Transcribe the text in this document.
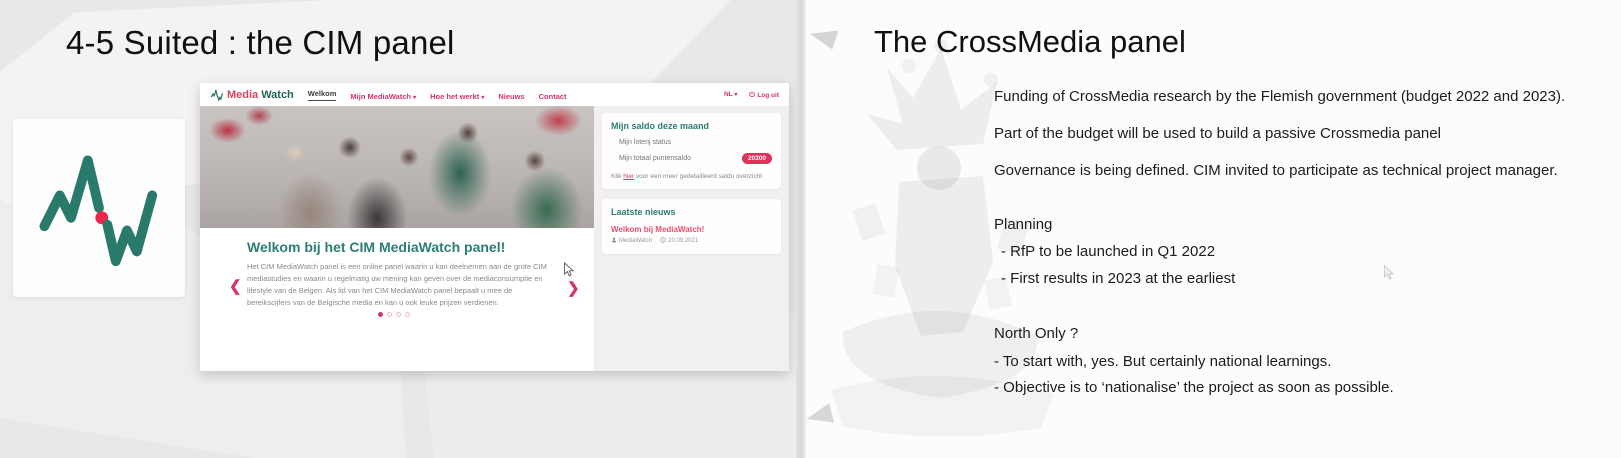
4-5 Suited : the CIM panel
Media Watch Welkom Mijn MediaWatch ▾ Hoe het werkt ▾ Nieuws Contact	NL ▾	Log uit
Welkom bij het CIM MediaWatch panel!
Het CIM MediaWatch panel is een online panel waarin u kan deelnemen aan de grote CIM mediastudies en waarin u regelmatig uw mening kan geven over de mediaconsumptie en lifestyle van de Belgen. Als lid van het CIM MediaWatch panel bepaalt u mee de bereikscijfers van de Belgische media en kan u ook leuke prijzen verdienen.
Mijn saldo deze maand
Mijn loterij status
Mijn totaal puntensaldo	20300
Klik hier voor een meer gedetailleerd saldo overzicht
Laatste nieuws
Welkom bij MediaWatch!
MediaWatch	20.09.2021
❮	❯
The CrossMedia panel

Funding of CrossMedia research by the Flemish government (budget 2022 and 2023).

Part of the budget will be used to build a passive Crossmedia panel

Governance is being defined. CIM invited to participate as technical project manager.

Planning

- RfP to be launched in Q1 2022

- First results in 2023 at the earliest

North Only ?

- To start with, yes. But certainly national learnings.

- Objective is to ‘nationalise’ the project as soon as possible.
